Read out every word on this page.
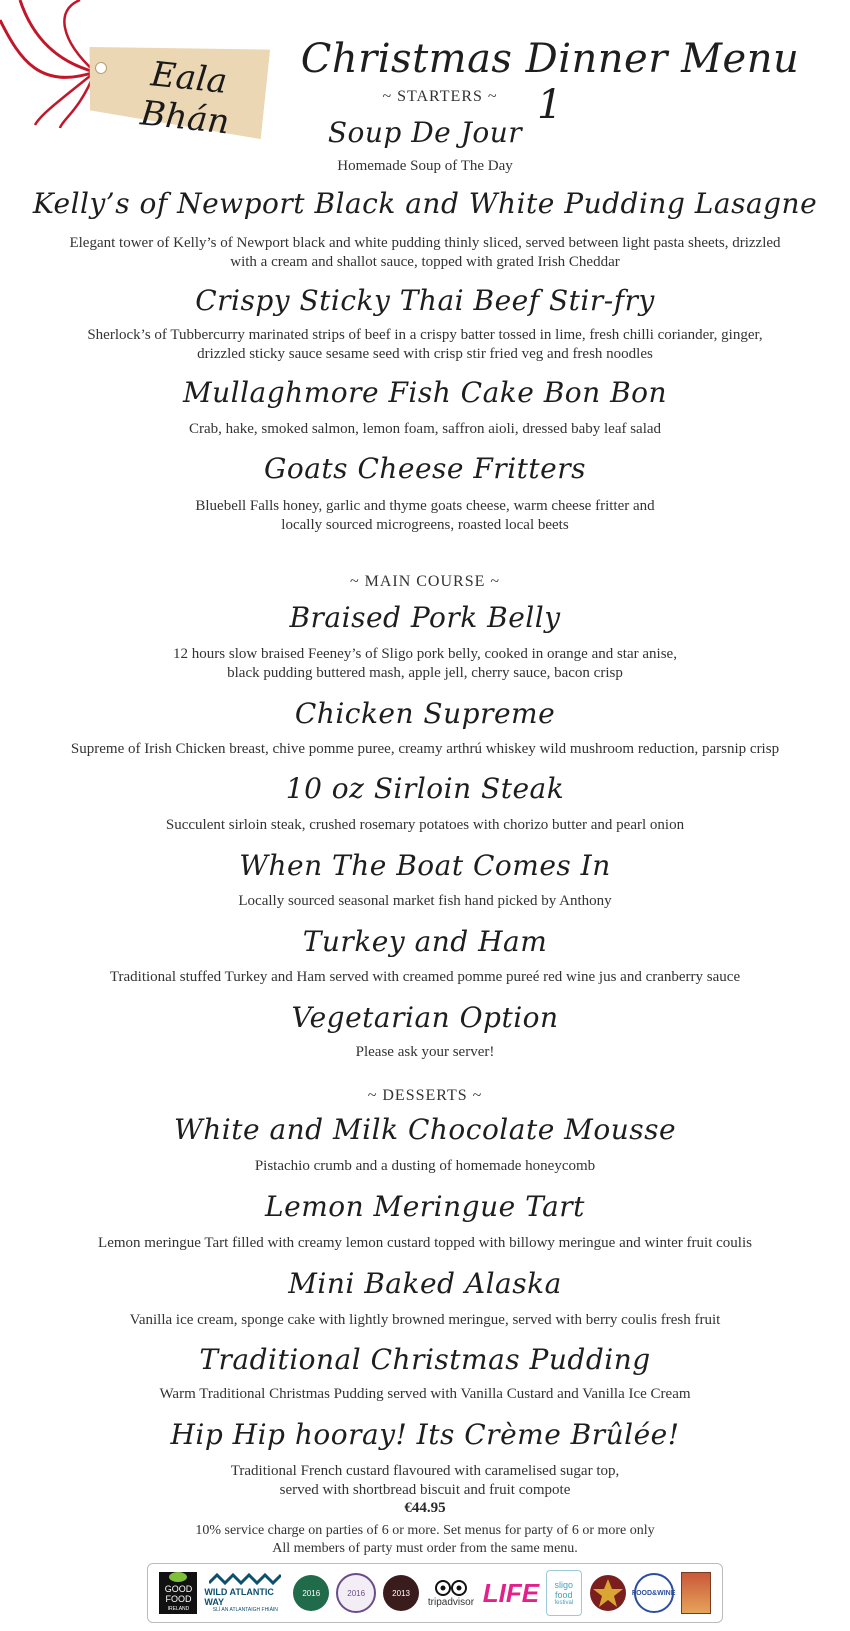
Eala Bhán
Christmas Dinner Menu 1
~ STARTERS ~
~ MAIN COURSE ~
~ DESSERTS ~
Soup De Jour
Homemade Soup of The Day
Kelly’s of Newport Black and White Pudding Lasagne
Elegant tower of Kelly’s of Newport black and white pudding thinly sliced, served between light pasta sheets, drizzled
with a cream and shallot sauce, topped with grated Irish Cheddar
Crispy Sticky Thai Beef Stir-fry
Sherlock’s of Tubbercurry marinated strips of beef in a crispy batter tossed in lime, fresh chilli coriander, ginger,
drizzled sticky sauce sesame seed with crisp stir fried veg and fresh noodles
Mullaghmore Fish Cake Bon Bon
Crab, hake, smoked salmon, lemon foam, saffron aioli, dressed baby leaf salad
Goats Cheese Fritters
Bluebell Falls honey, garlic and thyme goats cheese, warm cheese fritter and
locally sourced microgreens, roasted local beets
Braised Pork Belly
12 hours slow braised Feeney’s of Sligo pork belly, cooked in orange and star anise,
black pudding buttered mash, apple jell, cherry sauce, bacon crisp
Chicken Supreme
Supreme of Irish Chicken breast, chive pomme puree, creamy arthrú whiskey wild mushroom reduction, parsnip crisp
10 oz Sirloin Steak
Succulent sirloin steak, crushed rosemary potatoes with chorizo butter and pearl onion
When The Boat Comes In
Locally sourced seasonal market fish hand picked by Anthony
Turkey and Ham
Traditional stuffed Turkey and Ham served with creamed pomme pureé red wine jus and cranberry sauce
Vegetarian Option
Please ask your server!
White and Milk Chocolate Mousse
Pistachio crumb and a dusting of homemade honeycomb
Lemon Meringue Tart
Lemon meringue Tart filled with creamy lemon custard topped with billowy meringue and winter fruit coulis
Mini Baked Alaska
Vanilla ice cream, sponge cake with lightly browned meringue, served with berry coulis fresh fruit
Traditional Christmas Pudding
Warm Traditional Christmas Pudding served with Vanilla Custard and Vanilla Ice Cream
Hip Hip hooray! Its Crème Brûlée!
Traditional French custard flavoured with caramelised sugar top,
served with shortbread biscuit and fruit compote
€44.95
10% service charge on parties of 6 or more. Set menus for party of 6 or more only
All members of party must order from the same menu.
GOOD
FOOD
IRELAND
WILD ATLANTIC WAY
SLÍ AN ATLANTAIGH FHIÁIN
2016	2016	2013
tripadvisor LIFE sligo
food
festival
FOOD&WINE
